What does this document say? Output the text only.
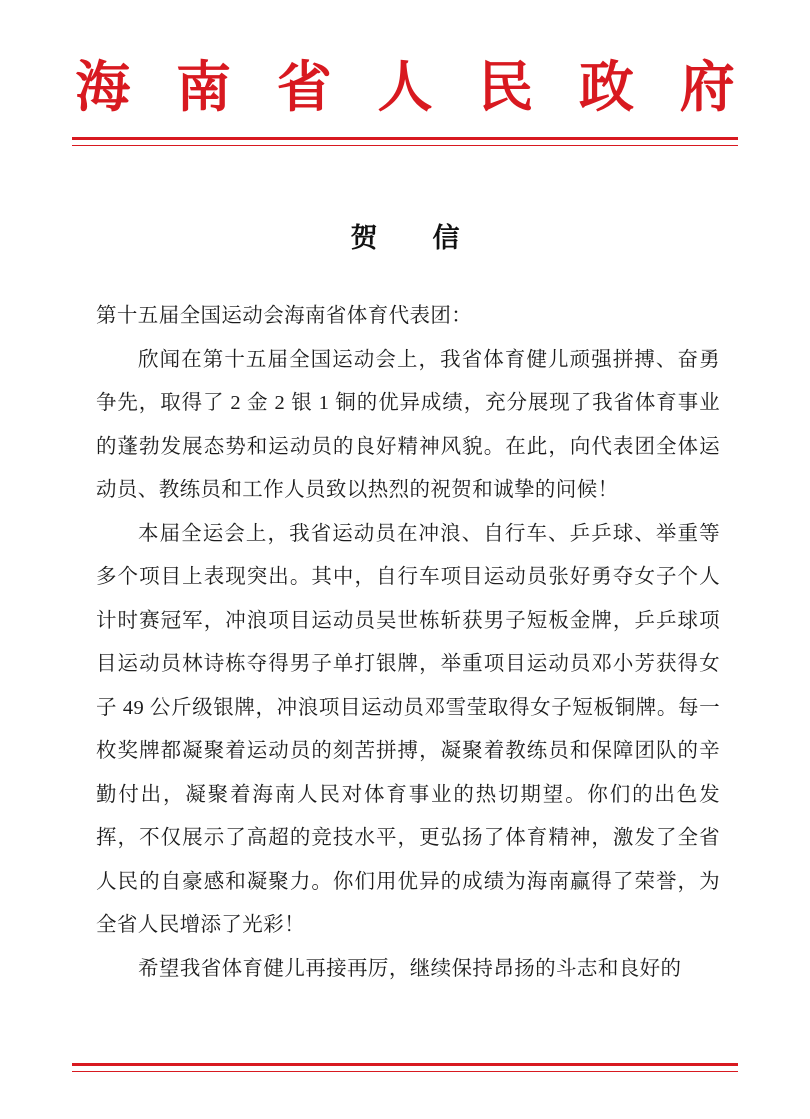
海 南 省 人 民 政 府
贺　信

第十五届全国运动会海南省体育代表团：

欣闻在第十五届全国运动会上，我省体育健儿顽强拼搏、奋勇争先，取得了 2 金 2 银 1 铜的优异成绩，充分展现了我省体育事业的蓬勃发展态势和运动员的良好精神风貌。在此，向代表团全体运动员、教练员和工作人员致以热烈的祝贺和诚挚的问候！

本届全运会上，我省运动员在冲浪、自行车、乒乒球、举重等多个项目上表现突出。其中，自行车项目运动员张好勇夺女子个人计时赛冠军，冲浪项目运动员吴世栋斩获男子短板金牌，乒乒球项目运动员林诗栋夺得男子单打银牌，举重项目运动员邓小芳获得女子 49 公斤级银牌，冲浪项目运动员邓雪莹取得女子短板铜牌。每一枚奖牌都凝聚着运动员的刻苦拼搏，凝聚着教练员和保障团队的辛勤付出，凝聚着海南人民对体育事业的热切期望。你们的出色发挥，不仅展示了高超的竞技水平，更弘扬了体育精神，激发了全省人民的自豪感和凝聚力。你们用优异的成绩为海南赢得了荣誉，为全省人民增添了光彩！

希望我省体育健儿再接再厉，继续保持昂扬的斗志和良好的
